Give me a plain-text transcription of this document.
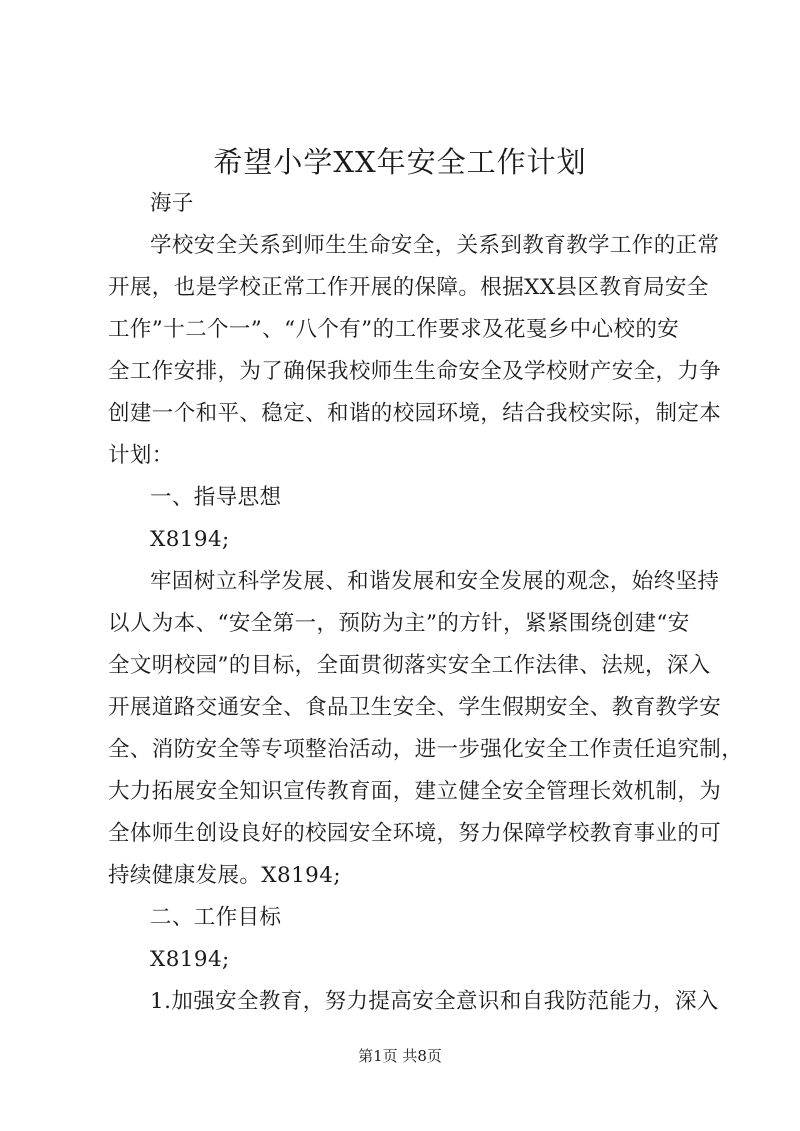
希望小学XX年安全工作计划
海子
学校安全关系到师生生命安全，关系到教育教学工作的正常
开展，也是学校正常工作开展的保障。根据XX县区教育局安全
工作”十二个一”、“八个有”的工作要求及花戛乡中心校的安
全工作安排，为了确保我校师生生命安全及学校财产安全，力争
创建一个和平、稳定、和谐的校园环境，结合我校实际，制定本
计划：
一、指导思想
X8194;
牢固树立科学发展、和谐发展和安全发展的观念，始终坚持
以人为本、“安全第一，预防为主”的方针，紧紧围绕创建“安
全文明校园”的目标，全面贯彻落实安全工作法律、法规，深入
开展道路交通安全、食品卫生安全、学生假期安全、教育教学安
全、消防安全等专项整治活动，进一步强化安全工作责任追究制，
大力拓展安全知识宣传教育面，建立健全安全管理长效机制，为
全体师生创设良好的校园安全环境，努力保障学校教育事业的可
持续健康发展。X8194;
二、工作目标
X8194;
1.加强安全教育，努力提高安全意识和自我防范能力，深入
第1页 共8页
